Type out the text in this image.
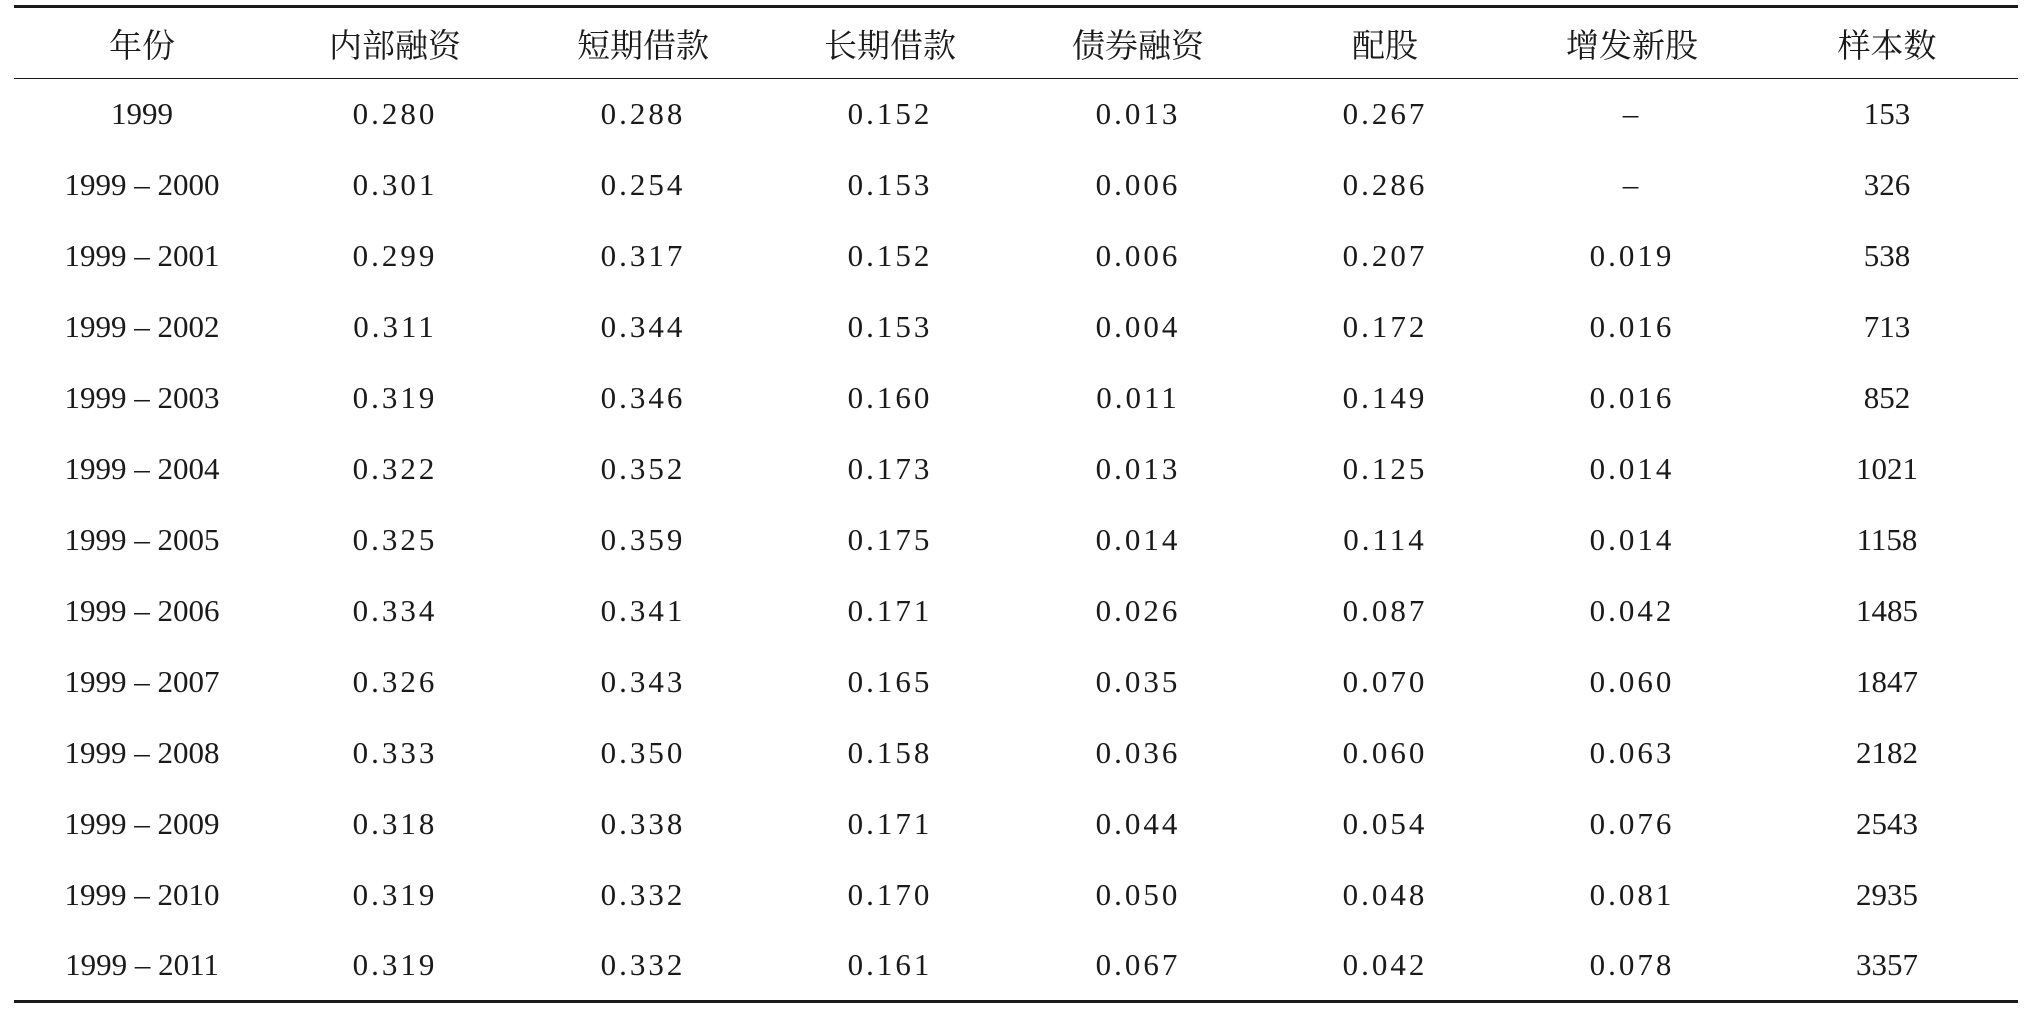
年份	内部融资	短期借款	长期借款	债券融资	配股	增发新股	样本数
1999	0.280	0.288	0.152	0.013	0.267	–	153
1999 – 2000	0.301	0.254	0.153	0.006	0.286	–	326
1999 – 2001	0.299	0.317	0.152	0.006	0.207	0.019	538
1999 – 2002	0.311	0.344	0.153	0.004	0.172	0.016	713
1999 – 2003	0.319	0.346	0.160	0.011	0.149	0.016	852
1999 – 2004	0.322	0.352	0.173	0.013	0.125	0.014	1021
1999 – 2005	0.325	0.359	0.175	0.014	0.114	0.014	1158
1999 – 2006	0.334	0.341	0.171	0.026	0.087	0.042	1485
1999 – 2007	0.326	0.343	0.165	0.035	0.070	0.060	1847
1999 – 2008	0.333	0.350	0.158	0.036	0.060	0.063	2182
1999 – 2009	0.318	0.338	0.171	0.044	0.054	0.076	2543
1999 – 2010	0.319	0.332	0.170	0.050	0.048	0.081	2935
1999 – 2011	0.319	0.332	0.161	0.067	0.042	0.078	3357
